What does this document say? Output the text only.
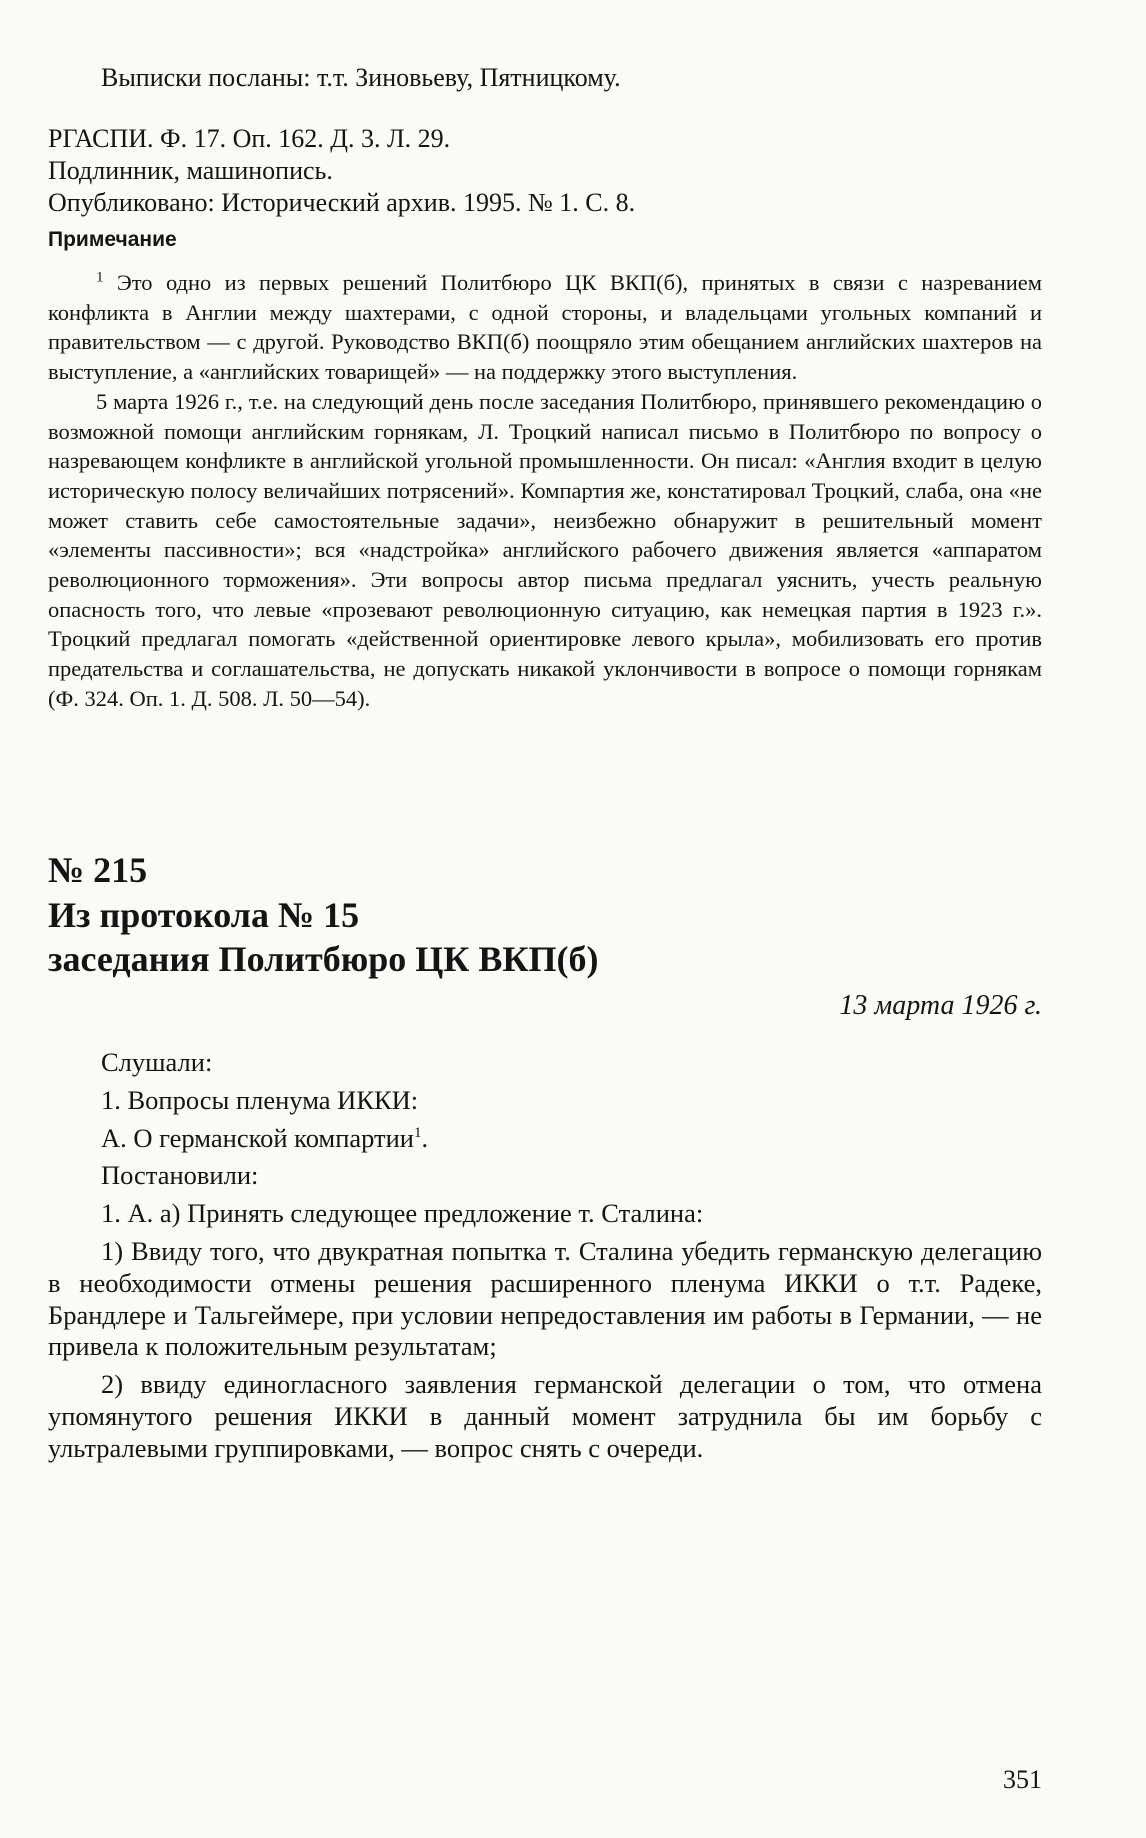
Выписки посланы: т.т. Зиновьеву, Пятницкому.
РГАСПИ. Ф. 17. Оп. 162. Д. 3. Л. 29.
Подлинник, машинопись.
Опубликовано: Исторический архив. 1995. № 1. С. 8.
Примечание

$^1$ Это одно из первых решений Политбюро ЦК ВКП(б), принятых в связи с назреванием конфликта в Англии между шахтерами, с одной стороны, и владельцами угольных компаний и правительством — с другой. Руководство ВКП(б) поощряло этим обещанием английских шахтеров на выступление, а «английских товарищей» — на поддержку этого выступления.

5 марта 1926 г., т.е. на следующий день после заседания Политбюро, принявшего рекомендацию о возможной помощи английским горнякам, Л. Троцкий написал письмо в Политбюро по вопросу о назревающем конфликте в английской угольной промышленности. Он писал: «Англия входит в целую историческую полосу величайших потрясений». Компартия же, констатировал Троцкий, слаба, она «не может ставить себе самостоятельные задачи», неизбежно обнаружит в решительный момент «элементы пассивности»; вся «надстройка» английского рабочего движения является «аппаратом революционного торможения». Эти вопросы автор письма предлагал уяснить, учесть реальную опасность того, что левые «прозевают революционную ситуацию, как немецкая партия в 1923 г.». Троцкий предлагал помогать «действенной ориентировке левого крыла», мобилизовать его против предательства и соглашательства, не допускать никакой уклончивости в вопросе о помощи горнякам (Ф. 324. Оп. 1. Д. 508. Л. 50—54).

№ 215
Из протокола № 15
заседания Политбюро ЦК ВКП(б)
13 марта 1926 г.

Слушали:

1. Вопросы пленума ИККИ:

А. О германской компартии$^1$.

Постановили:

1. А. а) Принять следующее предложение т. Сталина:

1) Ввиду того, что двукратная попытка т. Сталина убедить германскую делегацию в необходимости отмены решения расширенного пленума ИККИ о т.т. Радеке, Брандлере и Тальгеймере, при условии непредоставления им работы в Германии, — не привела к положительным результатам;

2) ввиду единогласного заявления германской делегации о том, что отмена упомянутого решения ИККИ в данный момент затруднила бы им борьбу с ультралевыми группировками, — вопрос снять с очереди.

351
